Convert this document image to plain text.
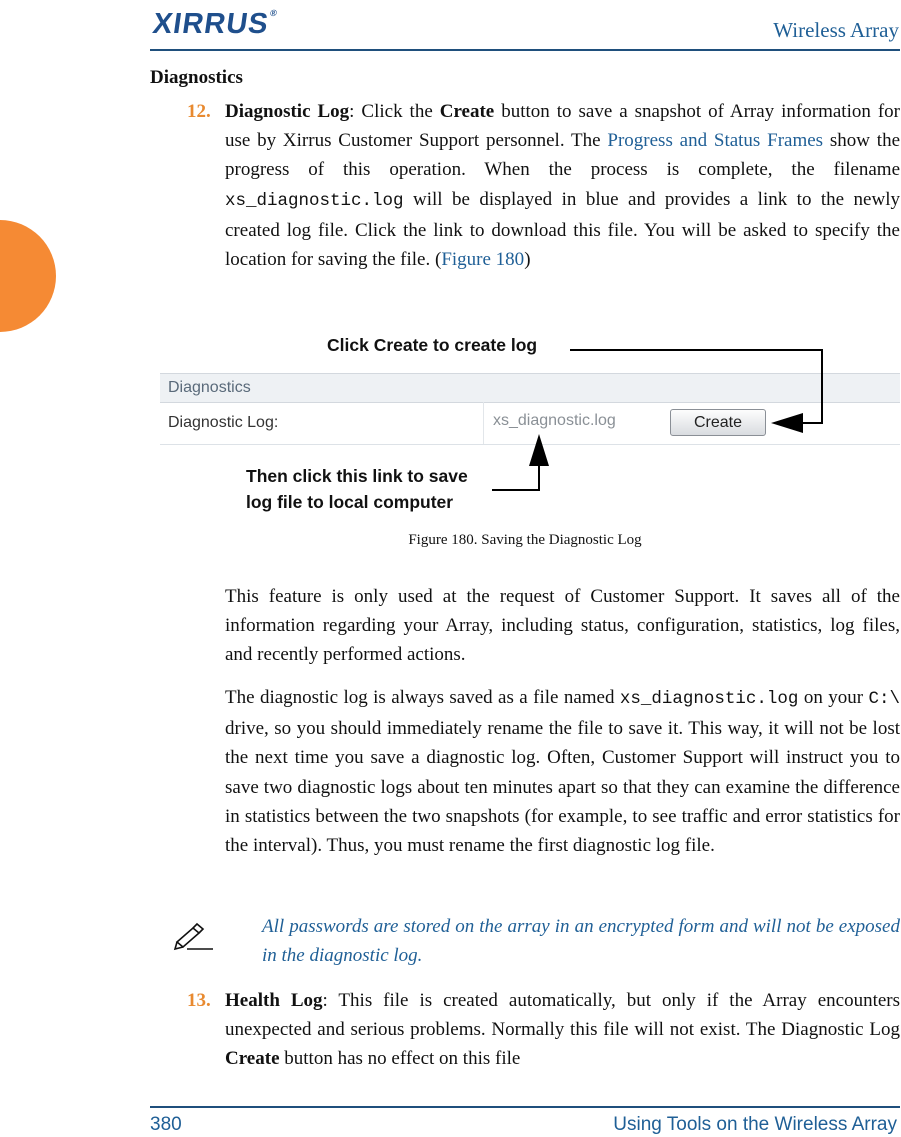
XIRRUS®
Wireless Array
Diagnostics
12. Diagnostic Log: Click the Create button to save a snapshot of Array information for use by Xirrus Customer Support personnel. The Progress and Status Frames show the progress of this operation. When the process is complete, the filename xs_diagnostic.log will be displayed in blue and provides a link to the newly created log file. Click the link to download this file. You will be asked to specify the location for saving the file. (Figure 180)
Click Create to create log
Then click this link to save
log file to local computer
Diagnostics
Diagnostic Log:	xs_diagnostic.log	Create
Figure 180. Saving the Diagnostic Log
This feature is only used at the request of Customer Support. It saves all of the information regarding your Array, including status, configuration, statistics, log files, and recently performed actions.
The diagnostic log is always saved as a file named xs_diagnostic.log on your C:\ drive, so you should immediately rename the file to save it. This way, it will not be lost the next time you save a diagnostic log. Often, Customer Support will instruct you to save two diagnostic logs about ten minutes apart so that they can examine the difference in statistics between the two snapshots (for example, to see traffic and error statistics for the interval). Thus, you must rename the first diagnostic log file.
All passwords are stored on the array in an encrypted form and will not be exposed in the diagnostic log.
13. Health Log: This file is created automatically, but only if the Array encounters unexpected and serious problems. Normally this file will not exist. The Diagnostic Log Create button has no effect on this file
380	Using Tools on the Wireless Array
